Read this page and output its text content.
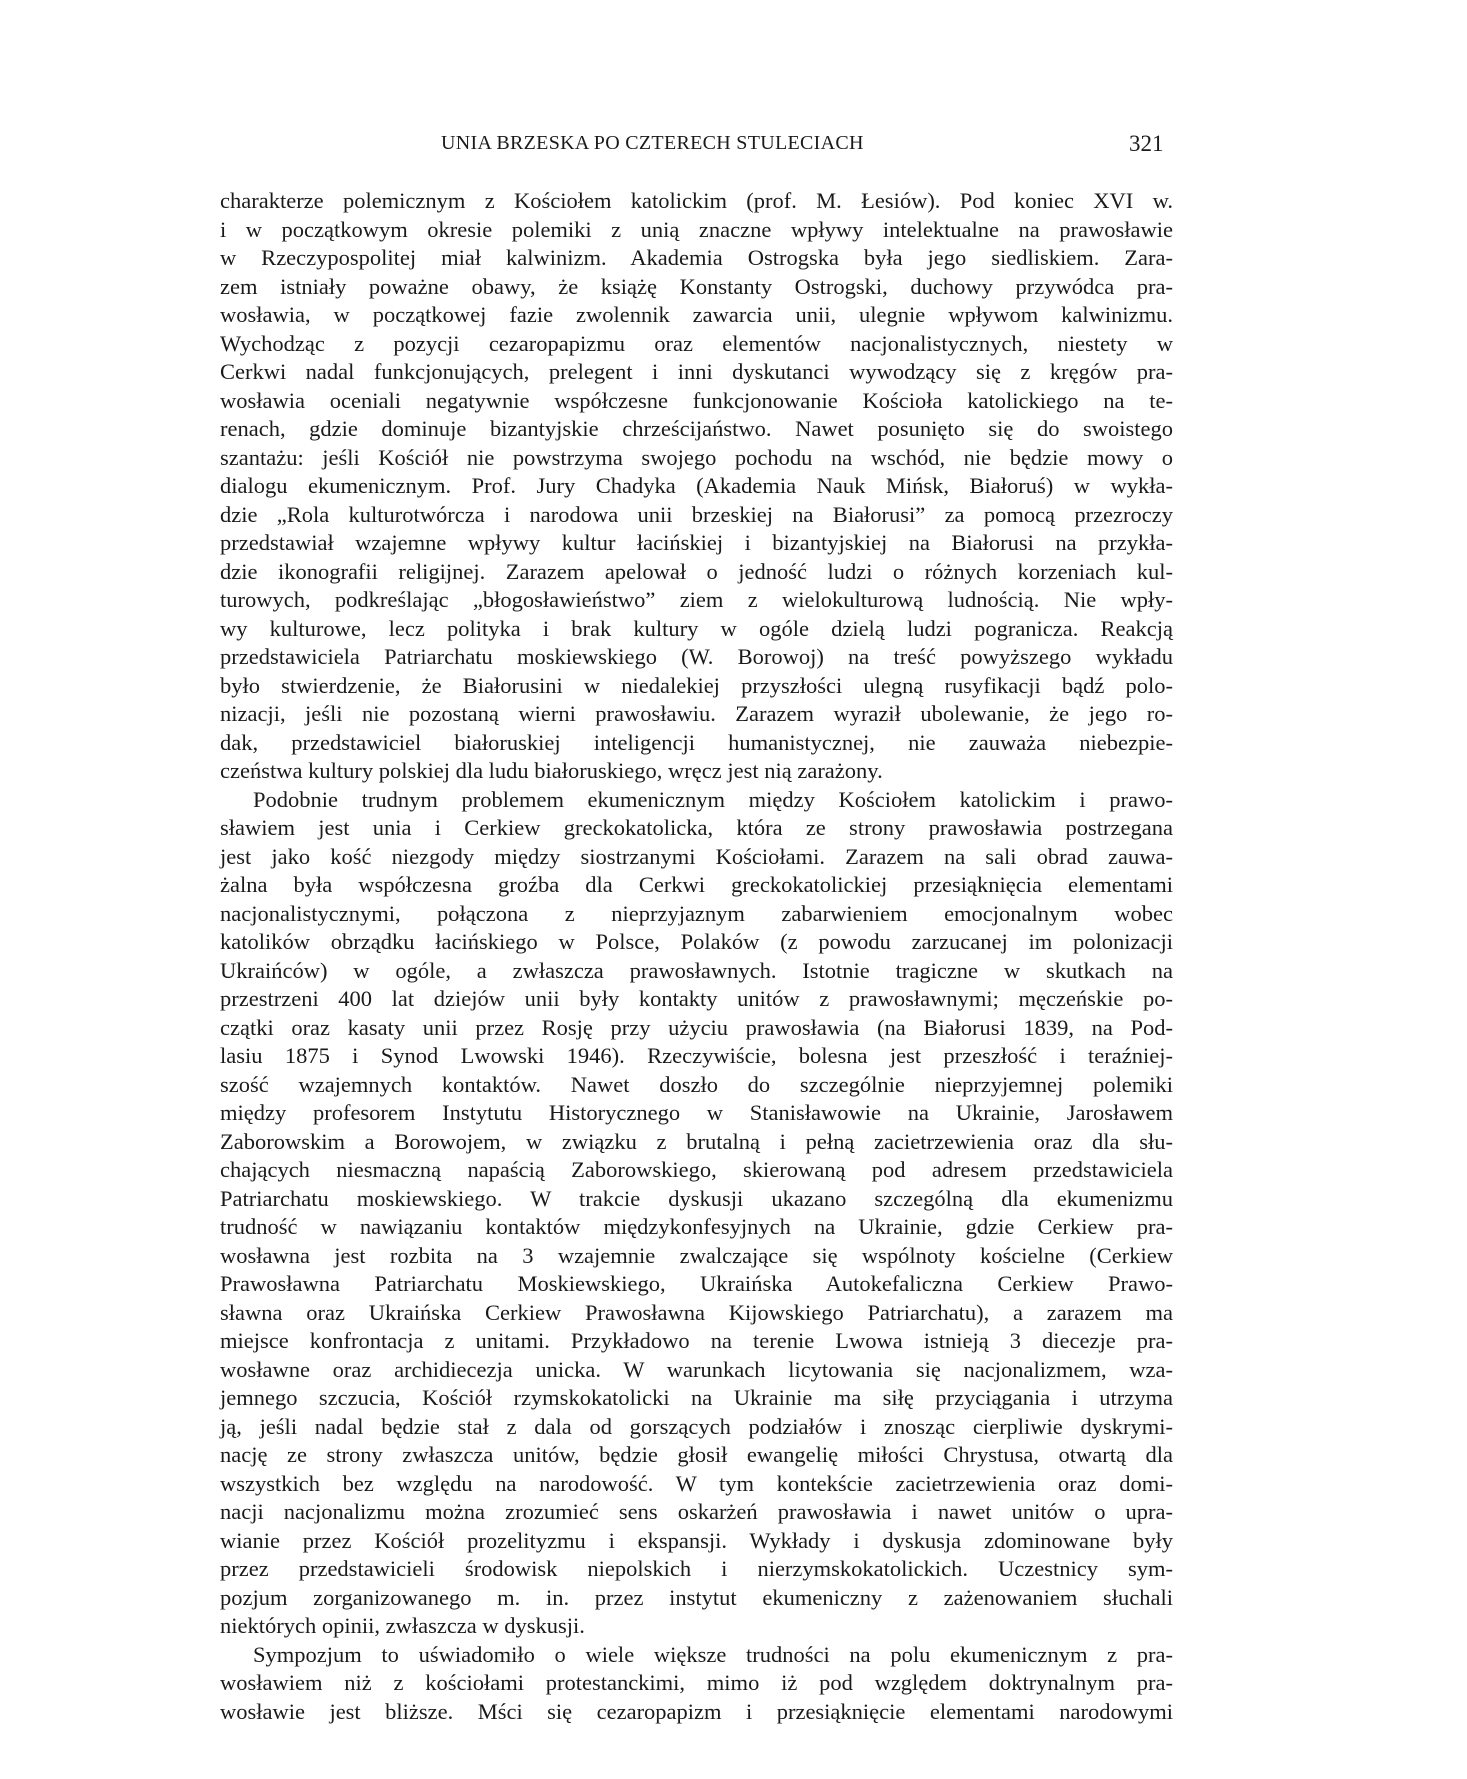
UNIA BRZESKA PO CZTERECH STULECIACH	321

charakterze polemicznym z Kościołem katolickim (prof. M. Łesiów). Pod koniec XVI w.

i w początkowym okresie polemiki z unią znaczne wpływy intelektualne na prawosławie

w Rzeczypospolitej miał kalwinizm. Akademia Ostrogska była jego siedliskiem. Zara-

zem istniały poważne obawy, że książę Konstanty Ostrogski, duchowy przywódca pra-

wosławia, w początkowej fazie zwolennik zawarcia unii, ulegnie wpływom kalwinizmu.

Wychodząc z pozycji cezaropapizmu oraz elementów nacjonalistycznych, niestety w

Cerkwi nadal funkcjonujących, prelegent i inni dyskutanci wywodzący się z kręgów pra-

wosławia oceniali negatywnie współczesne funkcjonowanie Kościoła katolickiego na te-

renach, gdzie dominuje bizantyjskie chrześcijaństwo. Nawet posunięto się do swoistego

szantażu: jeśli Kościół nie powstrzyma swojego pochodu na wschód, nie będzie mowy o

dialogu ekumenicznym. Prof. Jury Chadyka (Akademia Nauk Mińsk, Białoruś) w wykła-

dzie „Rola kulturotwórcza i narodowa unii brzeskiej na Białorusi” za pomocą przezroczy

przedstawiał wzajemne wpływy kultur łacińskiej i bizantyjskiej na Białorusi na przykła-

dzie ikonografii religijnej. Zarazem apelował o jedność ludzi o różnych korzeniach kul-

turowych, podkreślając „błogosławieństwo” ziem z wielokulturową ludnością. Nie wpły-

wy kulturowe, lecz polityka i brak kultury w ogóle dzielą ludzi pogranicza. Reakcją

przedstawiciela Patriarchatu moskiewskiego (W. Borowoj) na treść powyższego wykładu

było stwierdzenie, że Białorusini w niedalekiej przyszłości ulegną rusyfikacji bądź polo-

nizacji, jeśli nie pozostaną wierni prawosławiu. Zarazem wyraził ubolewanie, że jego ro-

dak, przedstawiciel białoruskiej inteligencji humanistycznej, nie zauważa niebezpie-

czeństwa kultury polskiej dla ludu białoruskiego, wręcz jest nią zarażony.

Podobnie trudnym problemem ekumenicznym między Kościołem katolickim i prawo-

sławiem jest unia i Cerkiew greckokatolicka, która ze strony prawosławia postrzegana

jest jako kość niezgody między siostrzanymi Kościołami. Zarazem na sali obrad zauwa-

żalna była współczesna groźba dla Cerkwi greckokatolickiej przesiąknięcia elementami

nacjonalistycznymi, połączona z nieprzyjaznym zabarwieniem emocjonalnym wobec

katolików obrządku łacińskiego w Polsce, Polaków (z powodu zarzucanej im polonizacji

Ukraińców) w ogóle, a zwłaszcza prawosławnych. Istotnie tragiczne w skutkach na

przestrzeni 400 lat dziejów unii były kontakty unitów z prawosławnymi; męczeńskie po-

czątki oraz kasaty unii przez Rosję przy użyciu prawosławia (na Białorusi 1839, na Pod-

lasiu 1875 i Synod Lwowski 1946). Rzeczywiście, bolesna jest przeszłość i teraźniej-

szość wzajemnych kontaktów. Nawet doszło do szczególnie nieprzyjemnej polemiki

między profesorem Instytutu Historycznego w Stanisławowie na Ukrainie, Jarosławem

Zaborowskim a Borowojem, w związku z brutalną i pełną zacietrzewienia oraz dla słu-

chających niesmaczną napaścią Zaborowskiego, skierowaną pod adresem przedstawiciela

Patriarchatu moskiewskiego. W trakcie dyskusji ukazano szczególną dla ekumenizmu

trudność w nawiązaniu kontaktów międzykonfesyjnych na Ukrainie, gdzie Cerkiew pra-

wosławna jest rozbita na 3 wzajemnie zwalczające się wspólnoty kościelne (Cerkiew

Prawosławna Patriarchatu Moskiewskiego, Ukraińska Autokefaliczna Cerkiew Prawo-

sławna oraz Ukraińska Cerkiew Prawosławna Kijowskiego Patriarchatu), a zarazem ma

miejsce konfrontacja z unitami. Przykładowo na terenie Lwowa istnieją 3 diecezje pra-

wosławne oraz archidiecezja unicka. W warunkach licytowania się nacjonalizmem, wza-

jemnego szczucia, Kościół rzymskokatolicki na Ukrainie ma siłę przyciągania i utrzyma

ją, jeśli nadal będzie stał z dala od gorszących podziałów i znosząc cierpliwie dyskrymi-

nację ze strony zwłaszcza unitów, będzie głosił ewangelię miłości Chrystusa, otwartą dla

wszystkich bez względu na narodowość. W tym kontekście zacietrzewienia oraz domi-

nacji nacjonalizmu można zrozumieć sens oskarżeń prawosławia i nawet unitów o upra-

wianie przez Kościół prozelityzmu i ekspansji. Wykłady i dyskusja zdominowane były

przez przedstawicieli środowisk niepolskich i nierzymskokatolickich. Uczestnicy sym-

pozjum zorganizowanego m. in. przez instytut ekumeniczny z zażenowaniem słuchali

niektórych opinii, zwłaszcza w dyskusji.

Sympozjum to uświadomiło o wiele większe trudności na polu ekumenicznym z pra-

wosławiem niż z kościołami protestanckimi, mimo iż pod względem doktrynalnym pra-

wosławie jest bliższe. Mści się cezaropapizm i przesiąknięcie elementami narodowymi
